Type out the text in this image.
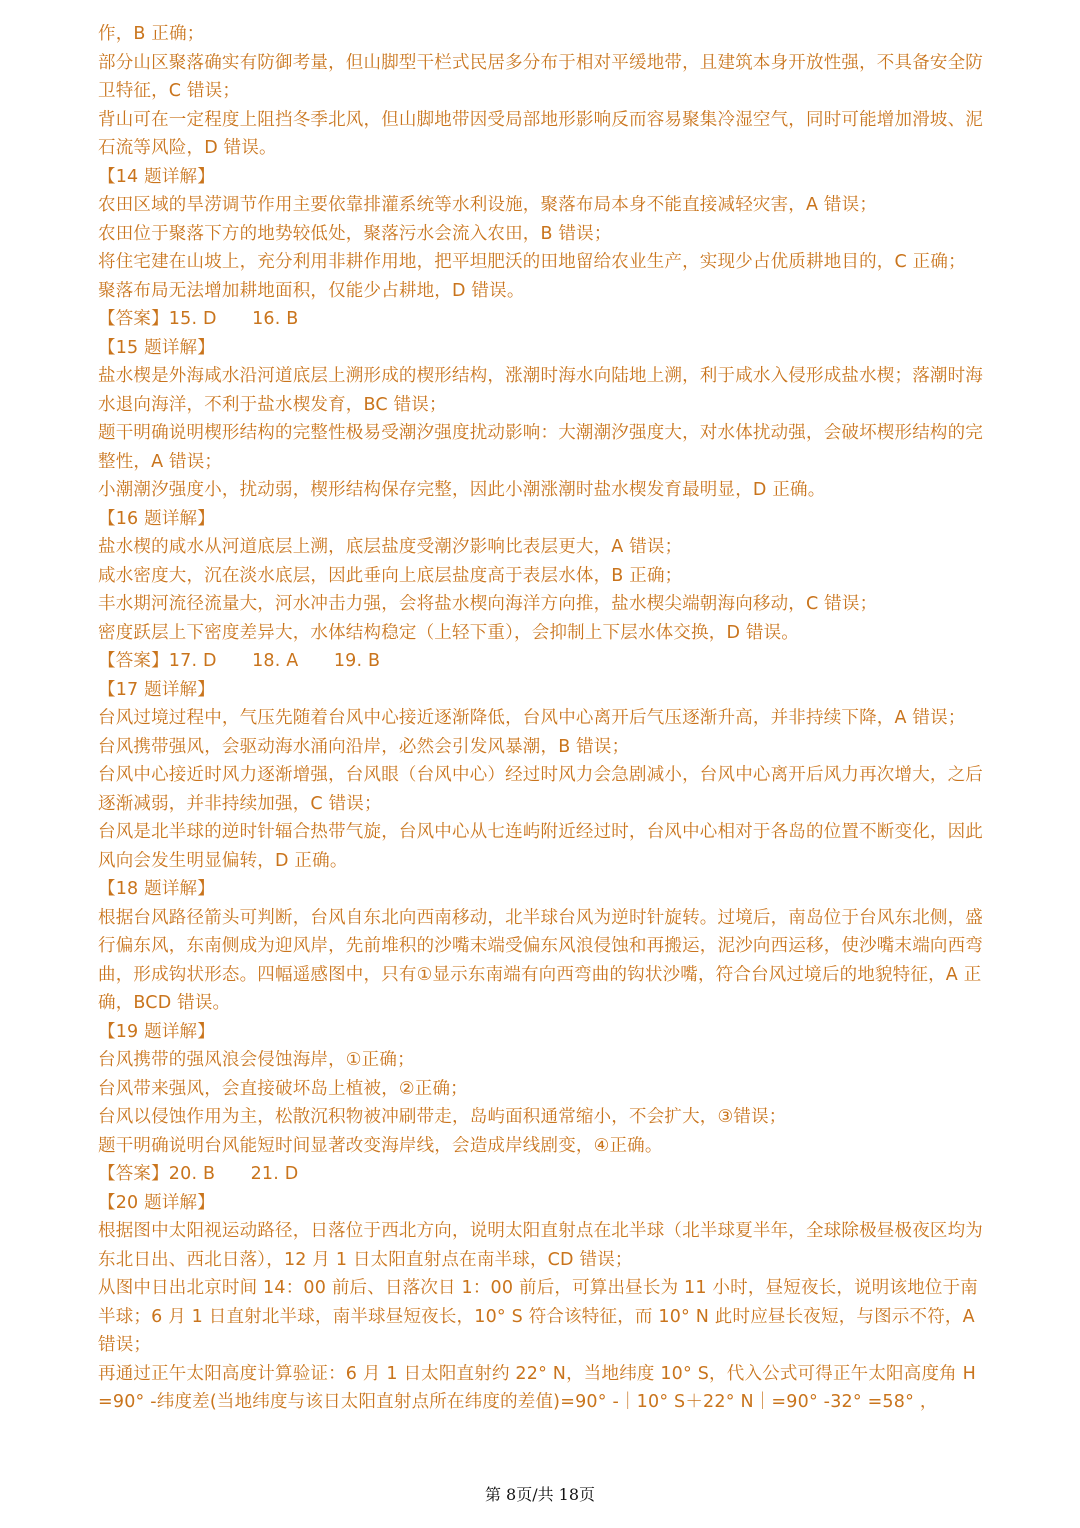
作，B 正确；

部分山区聚落确实有防御考量，但山脚型干栏式民居多分布于相对平缓地带，且建筑本身开放性强，不具备安全防卫特征，C 错误；

背山可在一定程度上阻挡冬季北风，但山脚地带因受局部地形影响反而容易聚集冷湿空气，同时可能增加滑坡、泥石流等风险，D 错误。

【14 题详解】

农田区域的旱涝调节作用主要依靠排灌系统等水利设施，聚落布局本身不能直接减轻灾害，A 错误；

农田位于聚落下方的地势较低处，聚落污水会流入农田，B 错误；

将住宅建在山坡上，充分利用非耕作用地，把平坦肥沃的田地留给农业生产，实现少占优质耕地目的，C 正确；

聚落布局无法增加耕地面积，仅能少占耕地，D 错误。

【答案】15. D　　16. B

【15 题详解】

盐水楔是外海咸水沿河道底层上溯形成的楔形结构，涨潮时海水向陆地上溯，利于咸水入侵形成盐水楔；落潮时海水退向海洋，不利于盐水楔发育，BC 错误；

题干明确说明楔形结构的完整性极易受潮汐强度扰动影响：大潮潮汐强度大，对水体扰动强，会破坏楔形结构的完整性，A 错误；

小潮潮汐强度小，扰动弱，楔形结构保存完整，因此小潮涨潮时盐水楔发育最明显，D 正确。

【16 题详解】

盐水楔的咸水从河道底层上溯，底层盐度受潮汐影响比表层更大，A 错误；

咸水密度大，沉在淡水底层，因此垂向上底层盐度高于表层水体，B 正确；

丰水期河流径流量大，河水冲击力强，会将盐水楔向海洋方向推，盐水楔尖端朝海向移动，C 错误；

密度跃层上下密度差异大，水体结构稳定（上轻下重），会抑制上下层水体交换，D 错误。

【答案】17. D　　18. A　　19. B

【17 题详解】

台风过境过程中，气压先随着台风中心接近逐渐降低，台风中心离开后气压逐渐升高，并非持续下降，A 错误；

台风携带强风，会驱动海水涌向沿岸，必然会引发风暴潮，B 错误；

台风中心接近时风力逐渐增强，台风眼（台风中心）经过时风力会急剧减小，台风中心离开后风力再次增大，之后逐渐减弱，并非持续加强，C 错误；

台风是北半球的逆时针辐合热带气旋，台风中心从七连屿附近经过时，台风中心相对于各岛的位置不断变化，因此风向会发生明显偏转，D 正确。

【18 题详解】

根据台风路径箭头可判断，台风自东北向西南移动，北半球台风为逆时针旋转。过境后，南岛位于台风东北侧，盛行偏东风，东南侧成为迎风岸，先前堆积的沙嘴末端受偏东风浪侵蚀和再搬运，泥沙向西运移，使沙嘴末端向西弯曲，形成钩状形态。四幅遥感图中，只有①显示东南端有向西弯曲的钩状沙嘴，符合台风过境后的地貌特征，A 正确，BCD 错误。

【19 题详解】

台风携带的强风浪会侵蚀海岸，①正确；

台风带来强风，会直接破坏岛上植被，②正确；

台风以侵蚀作用为主，松散沉积物被冲刷带走，岛屿面积通常缩小，不会扩大，③错误；

题干明确说明台风能短时间显著改变海岸线，会造成岸线剧变，④正确。

【答案】20. B　　21. D

【20 题详解】

根据图中太阳视运动路径，日落位于西北方向，说明太阳直射点在北半球（北半球夏半年，全球除极昼极夜区均为东北日出、西北日落），12 月 1 日太阳直射点在南半球，CD 错误；

从图中日出北京时间 14：00 前后、日落次日 1：00 前后，可算出昼长为 11 小时，昼短夜长，说明该地位于南半球；6 月 1 日直射北半球，南半球昼短夜长，10° S 符合该特征，而 10° N 此时应昼长夜短，与图示不符，A 错误；

再通过正午太阳高度计算验证：6 月 1 日太阳直射约 22° N，当地纬度 10° S，代入公式可得正午太阳高度角 H=90° -纬度差(当地纬度与该日太阳直射点所在纬度的差值)=90° -｜10° S＋22° N｜=90° -32° =58° ，

第 8页/共 18页
